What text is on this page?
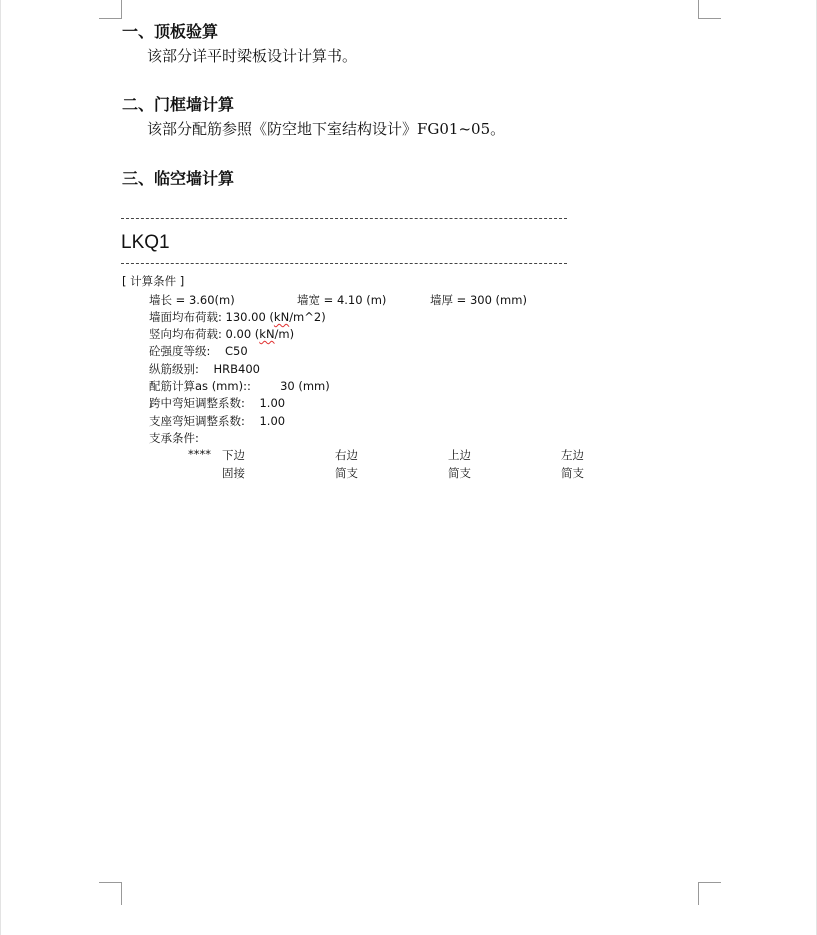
一、顶板验算
该部分详平时梁板设计计算书。
二、门框墙计算
该部分配筋参照《防空地下室结构设计》FG01~05。
三、临空墙计算
LKQ1
[ 计算条件 ]
墙长 = 3.60(m)	墙宽 = 4.10 (m)	墙厚 = 300 (mm)
墙面均布荷载: 130.00 (kN/m^2)
竖向均布荷载: 0.00 (kN/m)
砼强度等级:    C50
纵筋级别:    HRB400
配筋计算as (mm)::        30 (mm)
跨中弯矩调整系数:    1.00
支座弯矩调整系数:    1.00
支承条件:
**** 下边	右边	上边	左边
固接	简支	简支	简支
